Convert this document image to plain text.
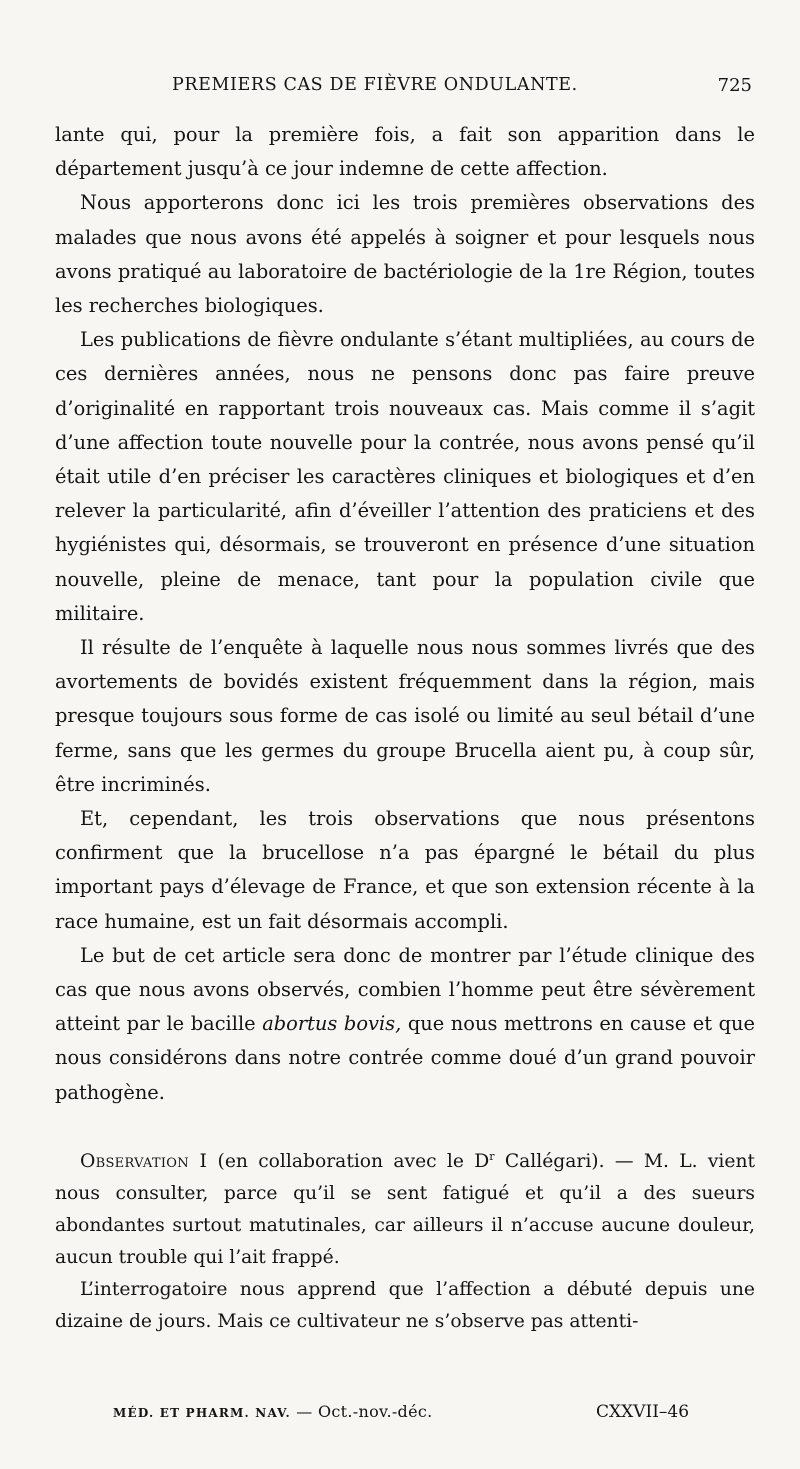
PREMIERS CAS DE FIÈVRE ONDULANTE.	725

lante qui, pour la première fois, a fait son apparition dans le département jusqu’à ce jour indemne de cette affection.

Nous apporterons donc ici les trois premières observations des malades que nous avons été appelés à soigner et pour lesquels nous avons pratiqué au laboratoire de bactériologie de la 1re Région, toutes les recherches biologiques.

Les publications de fièvre ondulante s’étant multipliées, au cours de ces dernières années, nous ne pensons donc pas faire preuve d’originalité en rapportant trois nouveaux cas. Mais comme il s’agit d’une affection toute nouvelle pour la contrée, nous avons pensé qu’il était utile d’en préciser les caractères cliniques et biologiques et d’en relever la particularité, afin d’éveiller l’attention des praticiens et des hygiénistes qui, désormais, se trouveront en présence d’une situation nouvelle, pleine de menace, tant pour la population civile que militaire.

Il résulte de l’enquête à laquelle nous nous sommes livrés que des avortements de bovidés existent fréquemment dans la région, mais presque toujours sous forme de cas isolé ou limité au seul bétail d’une ferme, sans que les germes du groupe Brucella aient pu, à coup sûr, être incriminés.

Et, cependant, les trois observations que nous présentons confirment que la brucellose n’a pas épargné le bétail du plus important pays d’élevage de France, et que son extension récente à la race humaine, est un fait désormais accompli.

Le but de cet article sera donc de montrer par l’étude clinique des cas que nous avons observés, combien l’homme peut être sévèrement atteint par le bacille abortus bovis, que nous mettrons en cause et que nous considérons dans notre contrée comme doué d’un grand pouvoir pathogène.

Observation I (en collaboration avec le $D^r$ Callégari). — M. L. vient nous consulter, parce qu’il se sent fatigué et qu’il a des sueurs abondantes surtout matutinales, car ailleurs il n’accuse aucune douleur, aucun trouble qui l’ait frappé.

L’interrogatoire nous apprend que l’affection a débuté depuis une dizaine de jours. Mais ce cultivateur ne s’observe pas attenti-

MÉD. ET PHARM. NAV. — Oct.-nov.-déc.	CXXVII–46
